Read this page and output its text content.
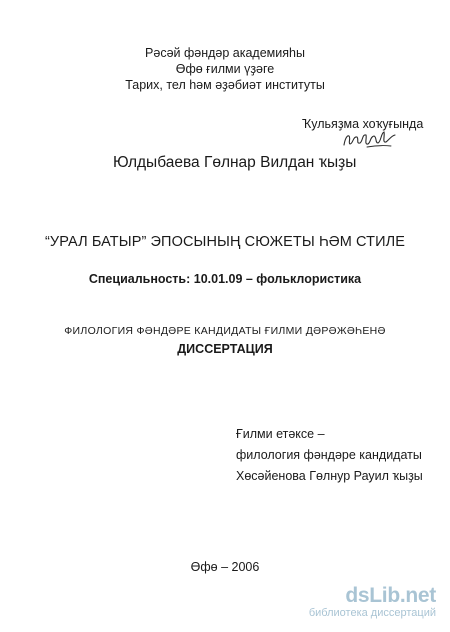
Рәсәй фәндәр академияһы
Өфө ғилми үҙәге
Тарих, тел һәм әҙәбиәт институты
Ҡульяҙма хоҡуғында
Юлдыбаева Гөлнар Вилдан ҡыҙы
“УРАЛ БАТЫР” ЭПОСЫНЫҢ СЮЖЕТЫ ҺӘМ СТИЛЕ
Специальность: 10.01.09 – фольклористика
ФИЛОЛОГИЯ ФӘНДӘРЕ КАНДИДАТЫ ҒИЛМИ ДӘРӘЖӘҺЕНӘ
ДИССЕРТАЦИЯ
Ғилми етәксе –
филология фәндәре кандидаты
Хөсәйенова Гөлнур Рауил ҡыҙы
Өфө – 2006
dsLib.net
библиотека диссертаций
